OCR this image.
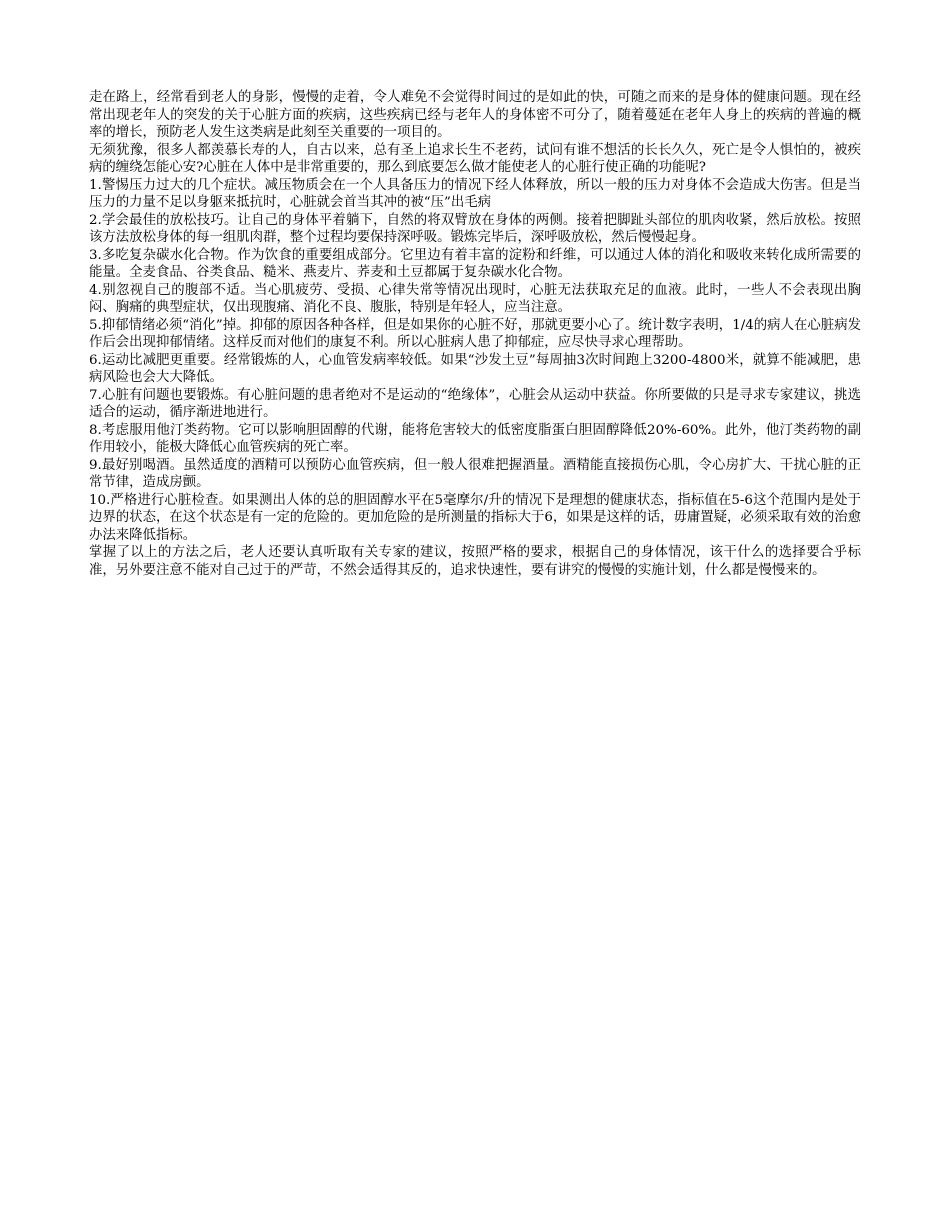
走在路上，经常看到老人的身影，慢慢的走着，令人难免不会觉得时间过的是如此的快，可随之而来的是身体的健康问题。现在经常出现老年人的突发的关于心脏方面的疾病，这些疾病已经与老年人的身体密不可分了，随着蔓延在老年人身上的疾病的普遍的概率的增长，预防老人发生这类病是此刻至关重要的一项目的。

无须犹豫，很多人都羡慕长寿的人，自古以来，总有圣上追求长生不老药，试问有谁不想活的长长久久，死亡是令人惧怕的，被疾病的缠绕怎能心安?心脏在人体中是非常重要的，那么到底要怎么做才能使老人的心脏行使正确的功能呢?

1.警惕压力过大的几个症状。减压物质会在一个人具备压力的情况下经人体释放，所以一般的压力对身体不会造成大伤害。但是当压力的力量不足以身躯来抵抗时，心脏就会首当其冲的被“压”出毛病

2.学会最佳的放松技巧。让自己的身体平着躺下，自然的将双臂放在身体的两侧。接着把脚趾头部位的肌肉收紧，然后放松。按照该方法放松身体的每一组肌肉群，整个过程均要保持深呼吸。锻炼完毕后，深呼吸放松，然后慢慢起身。

3.多吃复杂碳水化合物。作为饮食的重要组成部分。它里边有着丰富的淀粉和纤维，可以通过人体的消化和吸收来转化成所需要的能量。全麦食品、谷类食品、糙米、燕麦片、荞麦和土豆都属于复杂碳水化合物。

4.别忽视自己的腹部不适。当心肌疲劳、受损、心律失常等情况出现时，心脏无法获取充足的血液。此时，一些人不会表现出胸闷、胸痛的典型症状，仅出现腹痛、消化不良、腹胀，特别是年轻人，应当注意。

5.抑郁情绪必须“消化”掉。抑郁的原因各种各样，但是如果你的心脏不好，那就更要小心了。统计数字表明，1/4的病人在心脏病发作后会出现抑郁情绪。这样反而对他们的康复不利。所以心脏病人患了抑郁症，应尽快寻求心理帮助。

6.运动比减肥更重要。经常锻炼的人，心血管发病率较低。如果“沙发土豆”每周抽3次时间跑上3200-4800米，就算不能减肥，患病风险也会大大降低。

7.心脏有问题也要锻炼。有心脏问题的患者绝对不是运动的“绝缘体”，心脏会从运动中获益。你所要做的只是寻求专家建议，挑选适合的运动，循序渐进地进行。

8.考虑服用他汀类药物。它可以影响胆固醇的代谢，能将危害较大的低密度脂蛋白胆固醇降低20%-60%。此外，他汀类药物的副作用较小，能极大降低心血管疾病的死亡率。

9.最好别喝酒。虽然适度的酒精可以预防心血管疾病，但一般人很难把握酒量。酒精能直接损伤心肌，令心房扩大、干扰心脏的正常节律，造成房颤。

10.严格进行心脏检查。如果测出人体的总的胆固醇水平在5毫摩尔/升的情况下是理想的健康状态，指标值在5-6这个范围内是处于边界的状态，在这个状态是有一定的危险的。更加危险的是所测量的指标大于6，如果是这样的话，毋庸置疑，必须采取有效的治愈办法来降低指标。

掌握了以上的方法之后，老人还要认真听取有关专家的建议，按照严格的要求，根据自己的身体情况，该干什么的选择要合乎标准，另外要注意不能对自己过于的严苛，不然会适得其反的，追求快速性，要有讲究的慢慢的实施计划，什么都是慢慢来的。
